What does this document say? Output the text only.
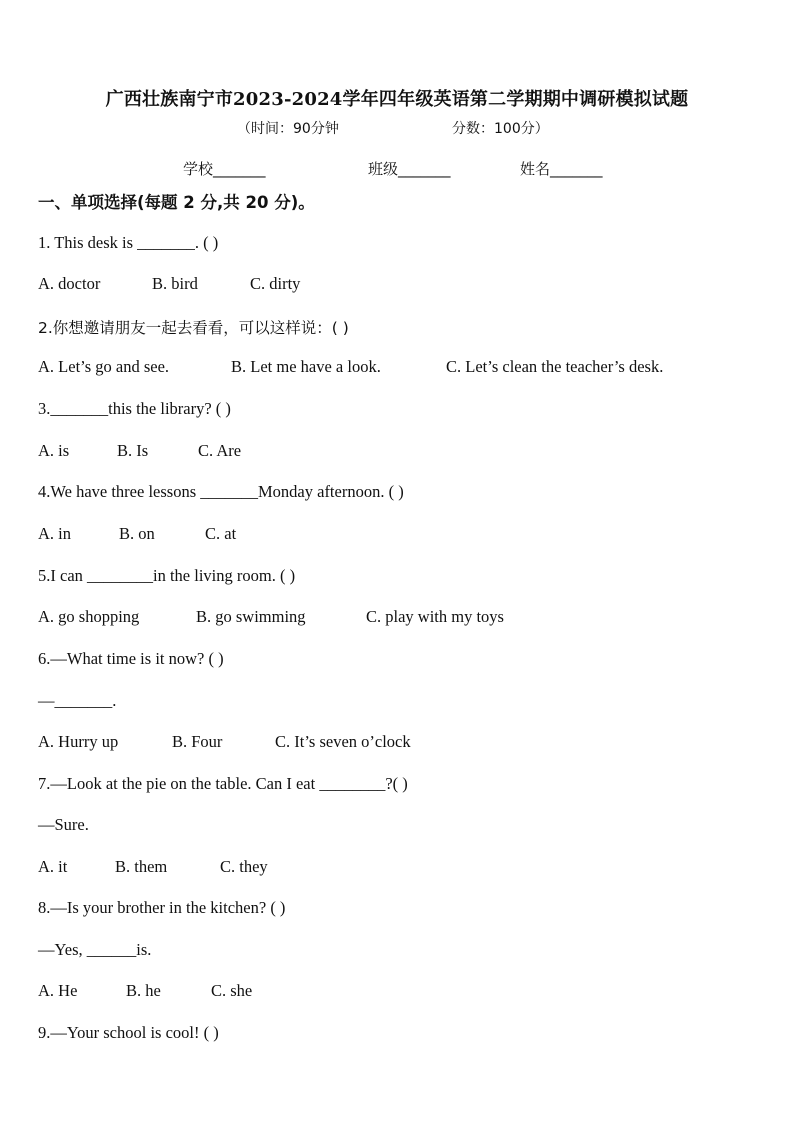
广西壮族南宁市2023-2024学年四年级英语第二学期期中调研模拟试题
（时间：90分钟	分数：100分）
学校_______	班级_______	姓名_______
一、单项选择(每题 2 分,共 20 分)。
1. This desk is _______. ( )
A. doctor	B. bird	C. dirty
2.你想邀请朋友一起去看看，可以这样说：( )
A. Let’s go and see.	B. Let me have a look.	C. Let’s clean the teacher’s desk.
3._______this the library? ( )
A. is	B. Is	C. Are
4.We have three lessons _______Monday afternoon. ( )
A. in	B. on	C. at
5.I can ________in the living room. ( )
A. go shopping	B. go swimming	C. play with my toys
6.—What time is it now? ( )
—_______.
A. Hurry up	B. Four	C. It’s seven o’clock
7.—Look at the pie on the table. Can I eat ________?( )
—Sure.
A. it	B. them	C. they
8.—Is your brother in the kitchen? ( )
—Yes, ______is.
A. He	B. he	C. she
9.—Your school is cool! ( )
